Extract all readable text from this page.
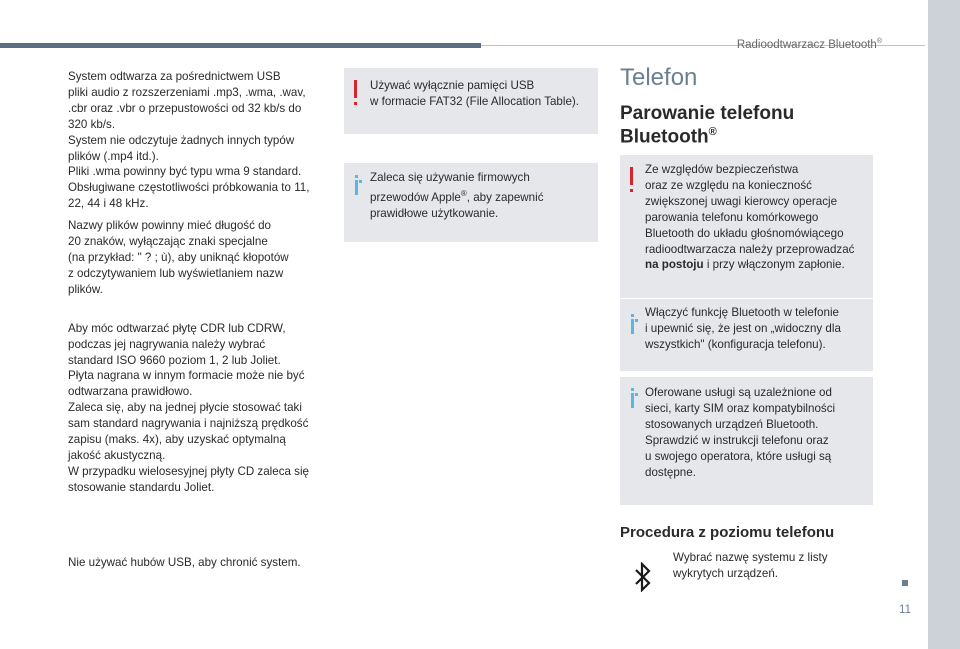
Radioodtwarzacz Bluetooth®

System odtwarza za pośrednictwem USB
pliki audio z rozszerzeniami .mp3, .wma, .wav,
.cbr oraz .vbr o przepustowości od 32 kb/s do
320 kb/s.
System nie odczytuje żadnych innych typów
plików (.mp4 itd.).
Pliki .wma powinny być typu wma 9 standard.
Obsługiwane częstotliwości próbkowania to 11,
22, 44 i 48 kHz.

Nazwy plików powinny mieć długość do
20 znaków, wyłączając znaki specjalne
(na przykład: " ? ; ù), aby uniknąć kłopotów
z odczytywaniem lub wyświetlaniem nazw
plików.

Aby móc odtwarzać płytę CDR lub CDRW,
podczas jej nagrywania należy wybrać
standard ISO 9660 poziom 1, 2 lub Joliet.
Płyta nagrana w innym formacie może nie być
odtwarzana prawidłowo.
Zaleca się, aby na jednej płycie stosować taki
sam standard nagrywania i najniższą prędkość
zapisu (maks. 4x), aby uzyskać optymalną
jakość akustyczną.
W przypadku wielosesyjnej płyty CD zaleca się
stosowanie standardu Joliet.

Nie używać hubów USB, aby chronić system.

Używać wyłącznie pamięci USB
w formacie FAT32 (File Allocation Table).
Zaleca się używanie firmowych
przewodów Apple®, aby zapewnić
prawidłowe użytkowanie.
Telefon
Parowanie telefonu
Bluetooth®
Ze względów bezpieczeństwa
oraz ze względu na konieczność
zwiększonej uwagi kierowcy operacje
parowania telefonu komórkowego
Bluetooth do układu głośnomówiącego
radioodtwarzacza należy przeprowadzać
na postoju i przy włączonym zapłonie.
Włączyć funkcję Bluetooth w telefonie
i upewnić się, że jest on „widoczny dla
wszystkich" (konfiguracja telefonu).
Oferowane usługi są uzależnione od
sieci, karty SIM oraz kompatybilności
stosowanych urządzeń Bluetooth.
Sprawdzić w instrukcji telefonu oraz
u swojego operatora, które usługi są
dostępne.
Procedura z poziomu telefonu

Wybrać nazwę systemu z listy
wykrytych urządzeń.

11
